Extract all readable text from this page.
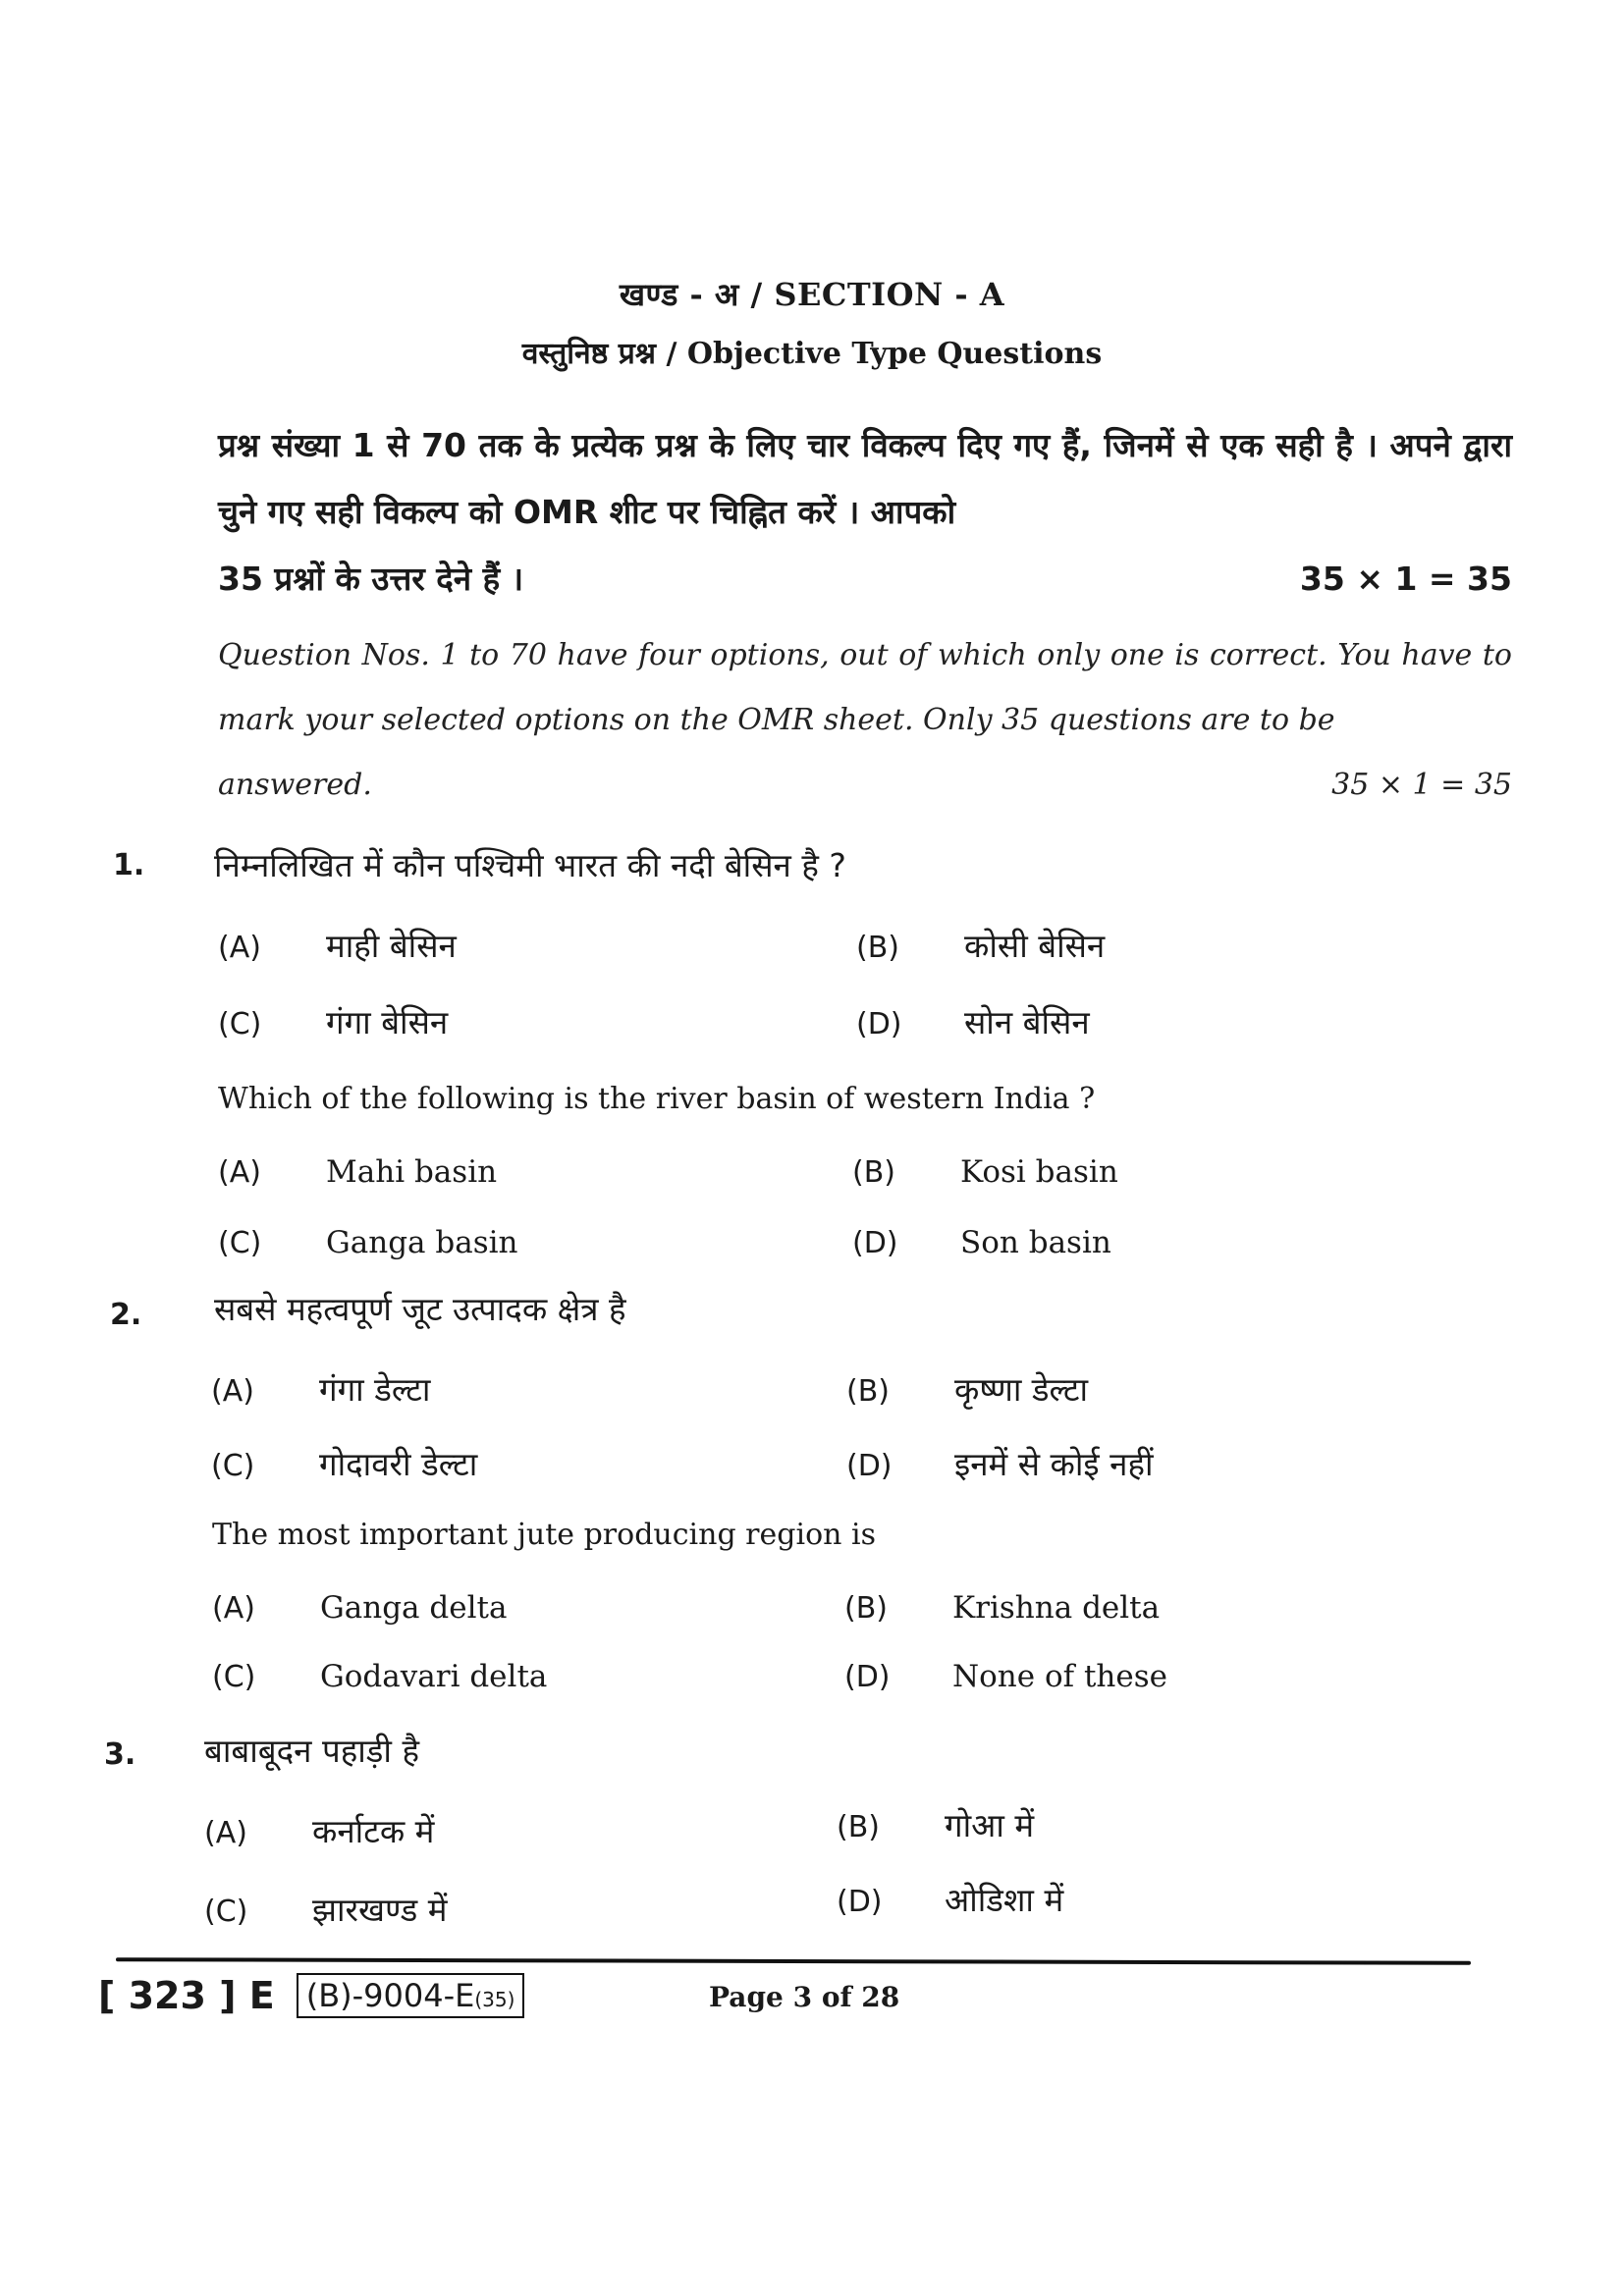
खण्ड - अ / SECTION - A
वस्तुनिष्ठ प्रश्न / Objective Type Questions
प्रश्न संख्या 1 से 70 तक के प्रत्येक प्रश्न के लिए चार विकल्प दिए गए हैं, जिनमें से एक सही है । अपने द्वारा चुने गए सही विकल्प को OMR शीट पर चिह्नित करें । आपको
35 प्रश्नों के उत्तर देने हैं ।	35 × 1 = 35
Question Nos. 1 to 70 have four options, out of which only one is correct. You have to mark your selected options on the OMR sheet. Only 35 questions are to be
answered.	35 × 1 = 35
1. निम्नलिखित में कौन पश्चिमी भारत की नदी बेसिन है ?
(A)	माही बेसिन	(B)	कोसी बेसिन
(C)	गंगा बेसिन	(D)	सोन बेसिन
Which of the following is the river basin of western India ?
(A)	Mahi basin	(B)	Kosi basin
(C)	Ganga basin	(D)	Son basin
2. सबसे महत्वपूर्ण जूट उत्पादक क्षेत्र है
(A)	गंगा डेल्टा	(B)	कृष्णा डेल्टा
(C)	गोदावरी डेल्टा	(D)	इनमें से कोई नहीं
The most important jute producing region is
(A)	Ganga delta	(B)	Krishna delta
(C)	Godavari delta	(D)	None of these
3. बाबाबूदन पहाड़ी है
(A)	कर्नाटक में	(B)	गोआ में
(C)	झारखण्ड में	(D)	ओडिशा में
[ 323 ] E	(B)-9004-E(35)	Page 3 of 28
